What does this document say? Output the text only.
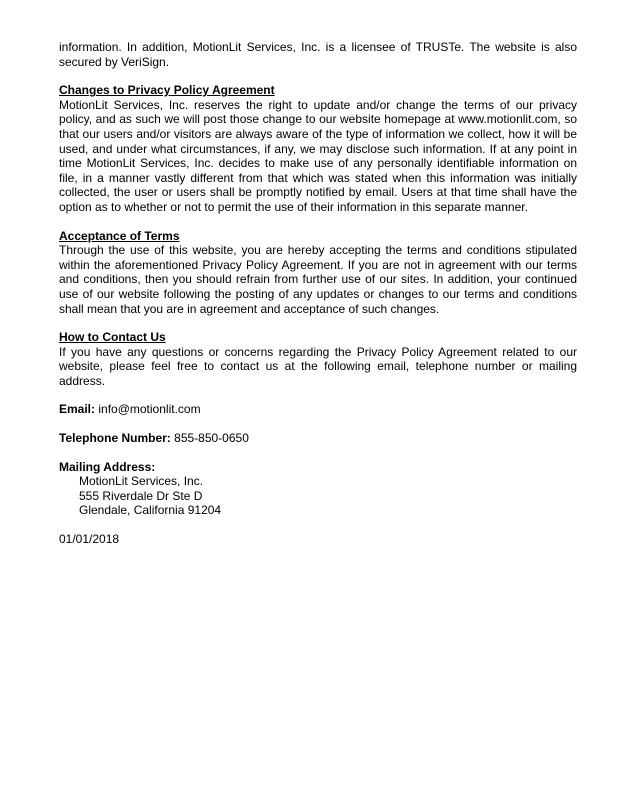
information. In addition, MotionLit Services, Inc. is a licensee of TRUSTe. The website is also secured by VeriSign.

Changes to Privacy Policy Agreement

MotionLit Services, Inc. reserves the right to update and/or change the terms of our privacy policy, and as such we will post those change to our website homepage at www.motionlit.com, so that our users and/or visitors are always aware of the type of information we collect, how it will be used, and under what circumstances, if any, we may disclose such information. If at any point in time MotionLit Services, Inc. decides to make use of any personally identifiable information on file, in a manner vastly different from that which was stated when this information was initially collected, the user or users shall be promptly notified by email. Users at that time shall have the option as to whether or not to permit the use of their information in this separate manner.

Acceptance of Terms

Through the use of this website, you are hereby accepting the terms and conditions stipulated within the aforementioned Privacy Policy Agreement. If you are not in agreement with our terms and conditions, then you should refrain from further use of our sites. In addition, your continued use of our website following the posting of any updates or changes to our terms and conditions shall mean that you are in agreement and acceptance of such changes.

How to Contact Us

If you have any questions or concerns regarding the Privacy Policy Agreement related to our website, please feel free to contact us at the following email, telephone number or mailing address.

Email: info@motionlit.com

Telephone Number: 855-850-0650

Mailing Address:

MotionLit Services, Inc.
555 Riverdale Dr Ste D
Glendale, California 91204

01/01/2018
